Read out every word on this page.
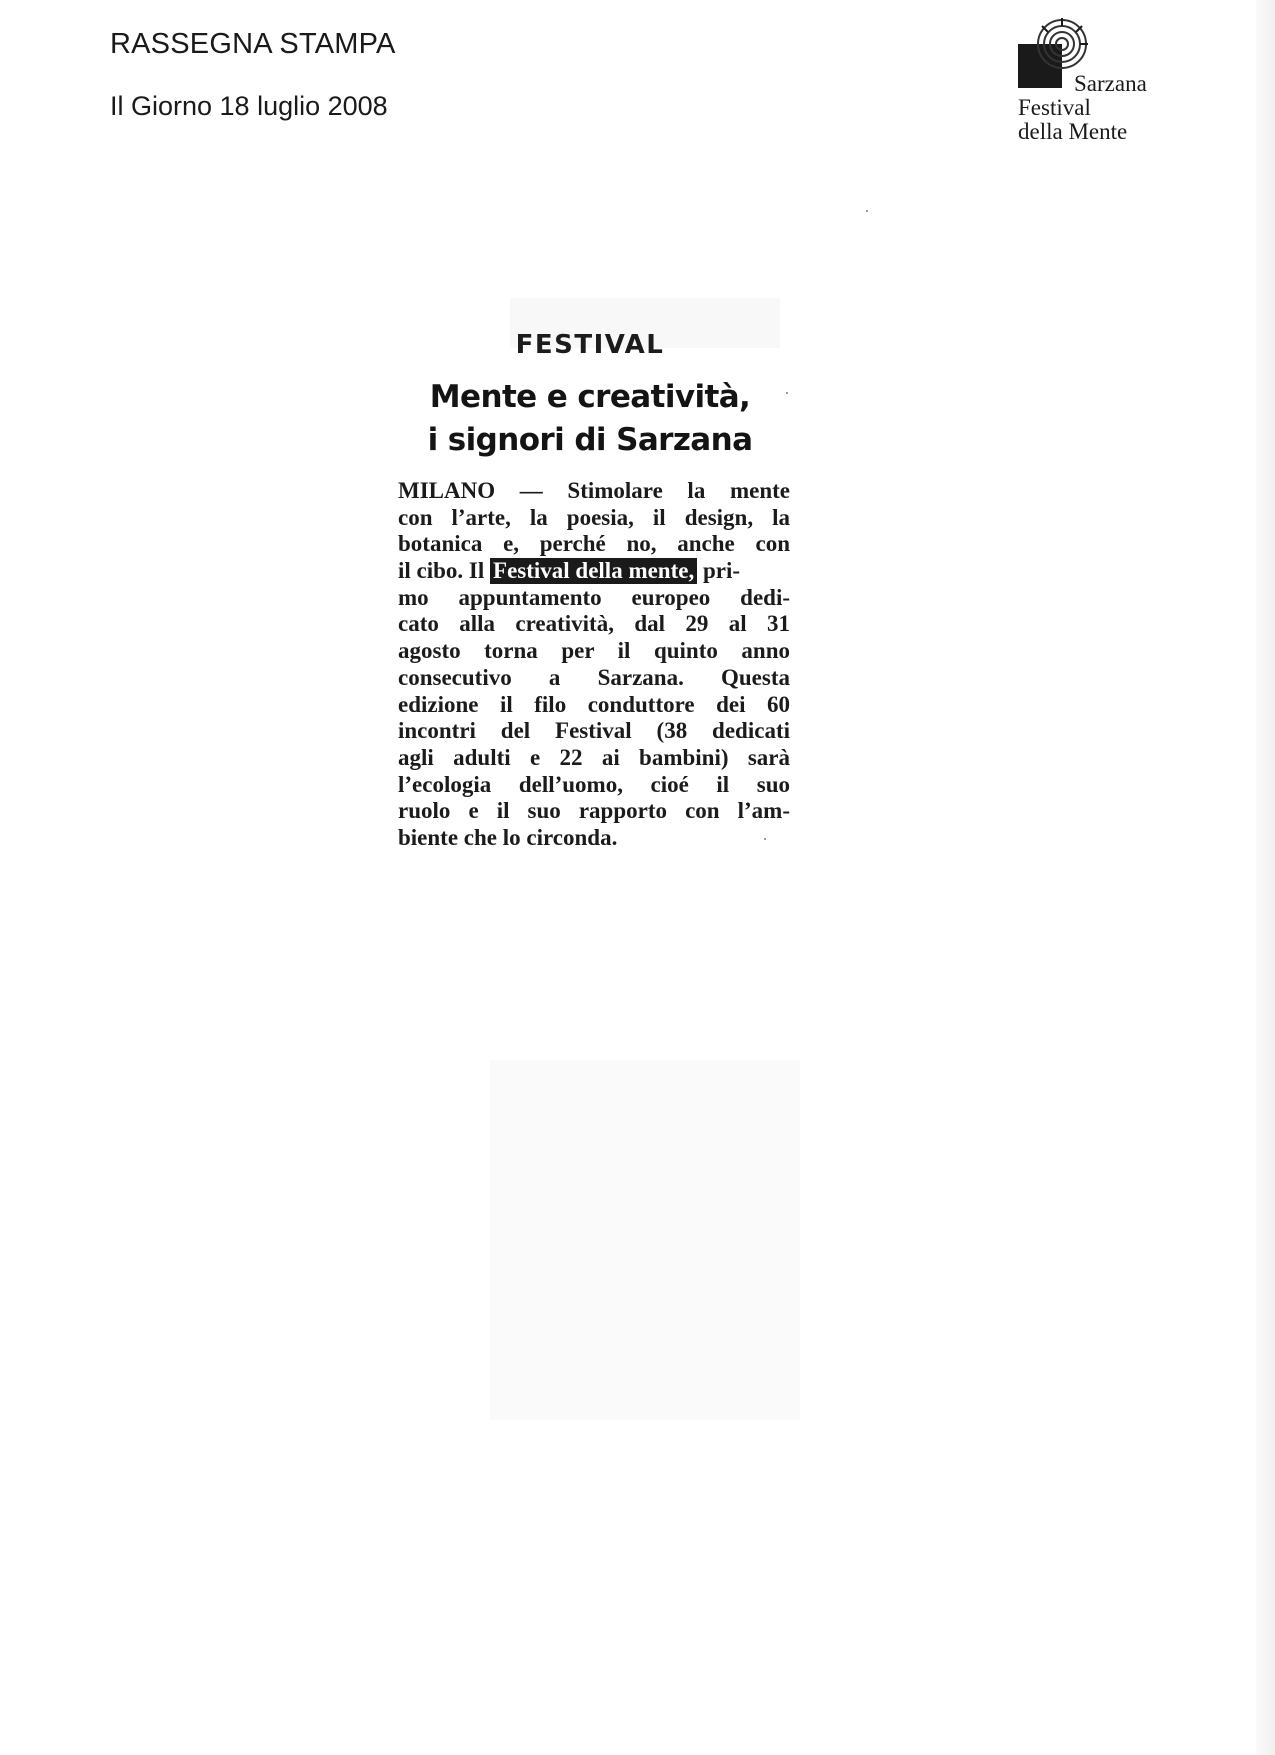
RASSEGNA STAMPA
Il Giorno 18 luglio 2008
Sarzana
Festival
della Mente
FESTIVAL
Mente e creatività,
i signori di Sarzana
MILANO — Stimolare la mente
con l’arte, la poesia, il design, la
botanica e, perché no, anche con
il cibo. Il Festival della mente, pri-
mo appuntamento europeo dedi-
cato alla creatività, dal 29 al 31
agosto torna per il quinto anno
consecutivo a Sarzana. Questa
edizione il filo conduttore dei 60
incontri del Festival (38 dedicati
agli adulti e 22 ai bambini) sarà
l’ecologia dell’uomo, cioé il suo
ruolo e il suo rapporto con l’am-
biente che lo circonda.
